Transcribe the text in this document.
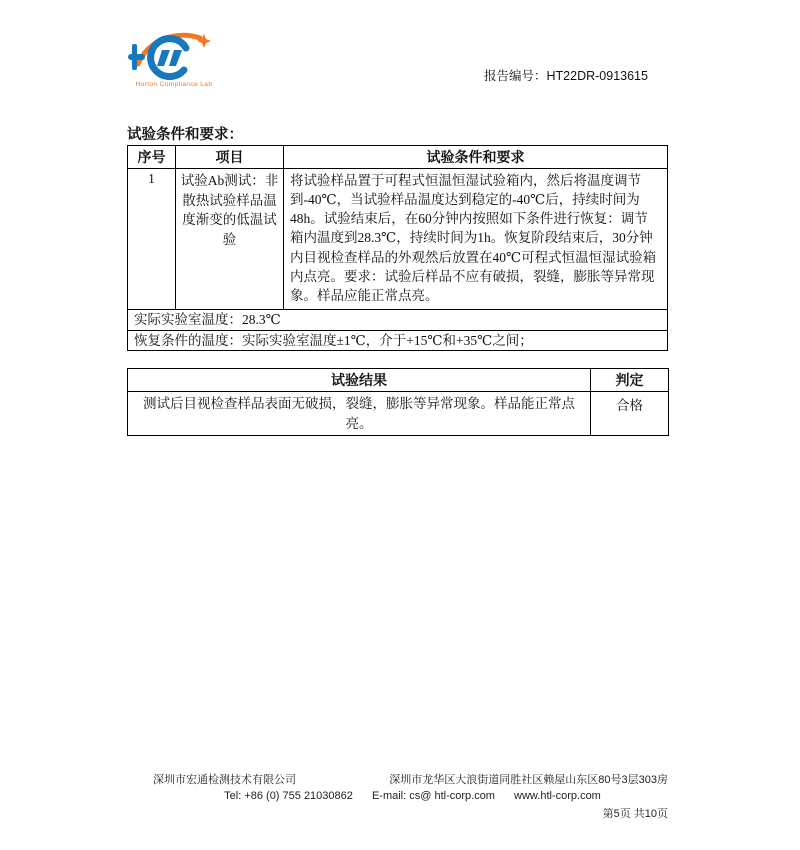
Horton Compliance Lab
报告编号：HT22DR-0913615
试验条件和要求：
序号	项目	试验条件和要求
1	试验Ab测试：非散热试验样品温度渐变的低温试验	将试验样品置于可程式恒温恒湿试验箱内，然后将温度调节到-40℃，当试验样品温度达到稳定的-40℃后，持续时间为48h。试验结束后，在60分钟内按照如下条件进行恢复：调节箱内温度到28.3℃，持续时间为1h。恢复阶段结束后，30分钟内目视检查样品的外观然后放置在40℃可程式恒温恒湿试验箱内点亮。要求：试验后样品不应有破损，裂缝，膨胀等异常现象。样品应能正常点亮。
实际实验室温度：28.3℃		
恢复条件的温度：实际实验室温度±1℃，介于+15℃和+35℃之间；		
试验结果	判定
测试后目视检查样品表面无破损，裂缝，膨胀等异常现象。样品能正常点亮。	合格
深圳市宏通检测技术有限公司	深圳市龙华区大浪街道同胜社区赖屋山东区80号3层303房
Tel: +86 (0) 755 21030862 E-mail: cs@ htl-corp.com www.htl-corp.com
第5页 共10页
